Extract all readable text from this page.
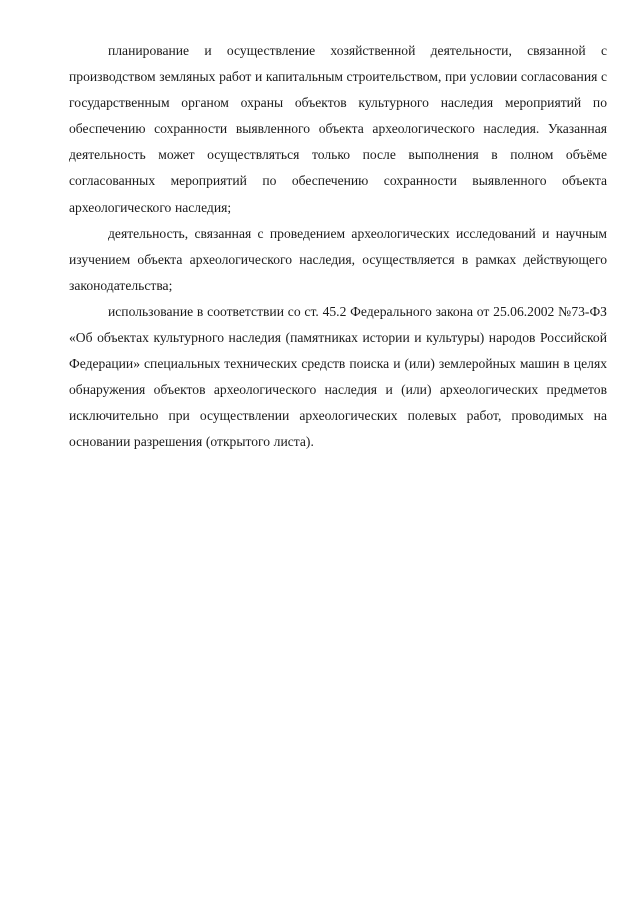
планирование и осуществление хозяйственной деятельности, связанной с производством земляных работ и капитальным строительством, при условии согласования с государственным органом охраны объектов культурного наследия мероприятий по обеспечению сохранности выявленного объекта археологического наследия. Указанная деятельность может осуществляться только после выполнения в полном объёме согласованных мероприятий по обеспечению сохранности выявленного объекта археологического наследия;

деятельность, связанная с проведением археологических исследований и научным изучением объекта археологического наследия, осуществляется в рамках действующего законодательства;

использование в соответствии со ст. 45.2 Федерального закона от 25.06.2002 №73-ФЗ «Об объектах культурного наследия (памятниках истории и культуры) народов Российской Федерации» специальных технических средств поиска и (или) землеройных машин в целях обнаружения объектов археологического наследия и (или) археологических предметов исключительно при осуществлении археологических полевых работ, проводимых на основании разрешения (открытого листа).
